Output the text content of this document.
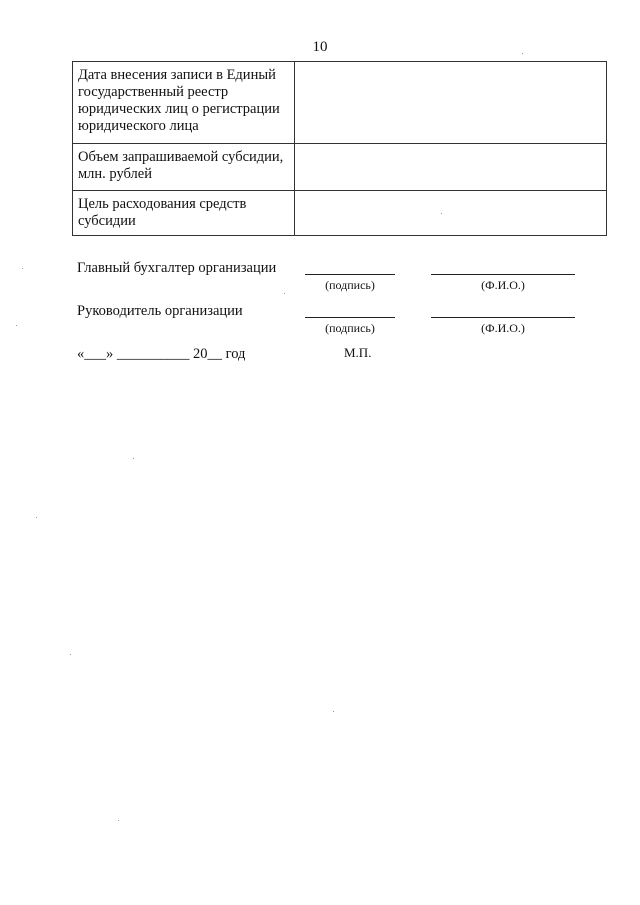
10
Дата внесения записи в Единый государственный реестр юридических лиц о регистрации юридического лица	
Объем запрашиваемой субсидии, млн. рублей	
Цель расходования средств субсидии	
Главный бухгалтер организации
(подпись)	(Ф.И.О.)
Руководитель организации
(подпись)	(Ф.И.О.)
«___» __________ 20__ год	М.П.
